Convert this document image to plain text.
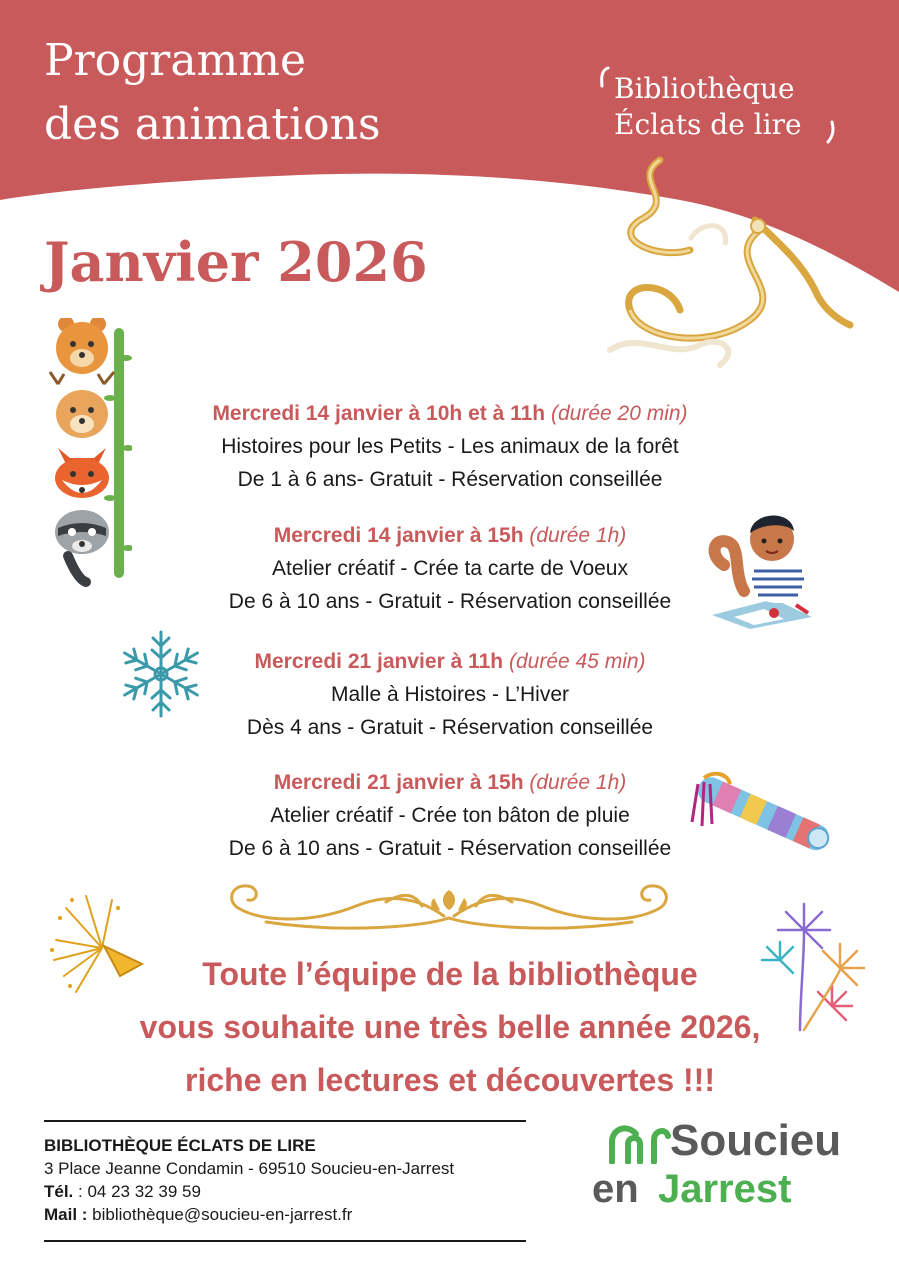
Programme
des animations
Bibliothèque
Éclats de lire
Janvier 2026
Mercredi 14 janvier à 10h et à 11h (durée 20 min)
Histoires pour les Petits - Les animaux de la forêt
De 1 à 6 ans- Gratuit - Réservation conseillée
Mercredi 14 janvier à 15h (durée 1h)
Atelier créatif - Crée ta carte de Voeux
De 6 à 10 ans - Gratuit - Réservation conseillée
Mercredi 21 janvier à 11h (durée 45 min)
Malle à Histoires - L’Hiver
Dès 4 ans - Gratuit - Réservation conseillée
Mercredi 21 janvier à 15h (durée 1h)
Atelier créatif - Crée ton bâton de pluie
De 6 à 10 ans - Gratuit - Réservation conseillée
Toute l’équipe de la bibliothèque
vous souhaite une très belle année 2026,
riche en lectures et découvertes !!!
BIBLIOTHÈQUE ÉCLATS DE LIRE
3 Place Jeanne Condamin - 69510 Soucieu-en-Jarrest
Tél. : 04 23 32 39 59
Mail : bibliothèque@soucieu-en-jarrest.fr
Soucieu
en Jarrest
